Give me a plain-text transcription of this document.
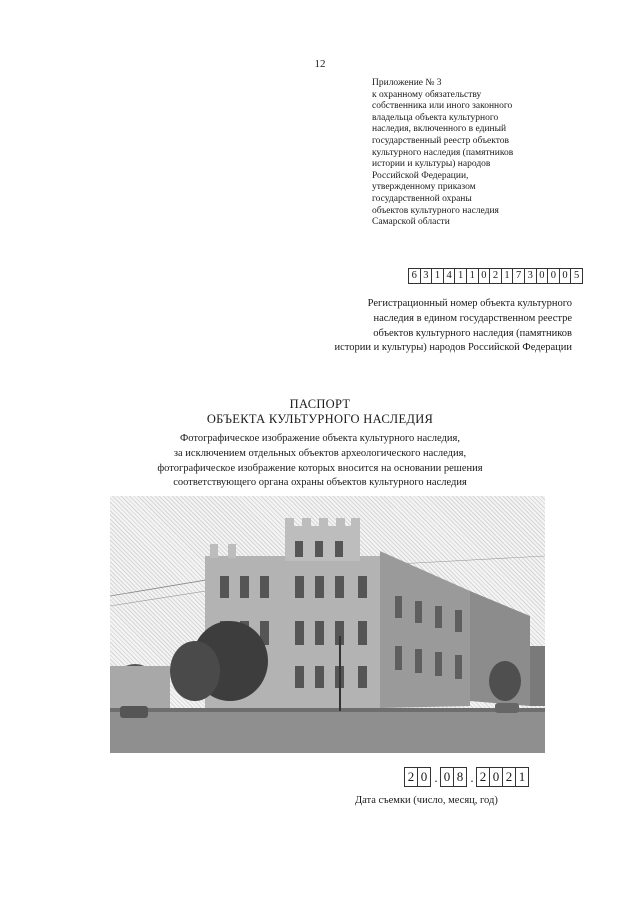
12
Приложение № 3
к охранному обязательству
собственника или иного законного
владельца объекта культурного
наследия, включенного в единый
государственный реестр объектов
культурного наследия (памятников
истории и культуры) народов
Российской Федерации,
утвержденному приказом
государственной охраны
объектов культурного наследия
Самарской области
6 3 1 4 1 1 0 2 1 7 3 0 0 0 5
Регистрационный номер объекта культурного
наследия в едином государственном реестре
объектов культурного наследия (памятников
истории и культуры) народов Российской Федерации
ПАСПОРТ
ОБЪЕКТА КУЛЬТУРНОГО НАСЛЕДИЯ
Фотографическое изображение объекта культурного наследия,
за исключением отдельных объектов археологического наследия,
фотографическое изображение которых вносится на основании решения
соответствующего органа охраны объектов культурного наследия
2 0 . 0 8 . 2 0 2 1
Дата съемки (число, месяц, год)
